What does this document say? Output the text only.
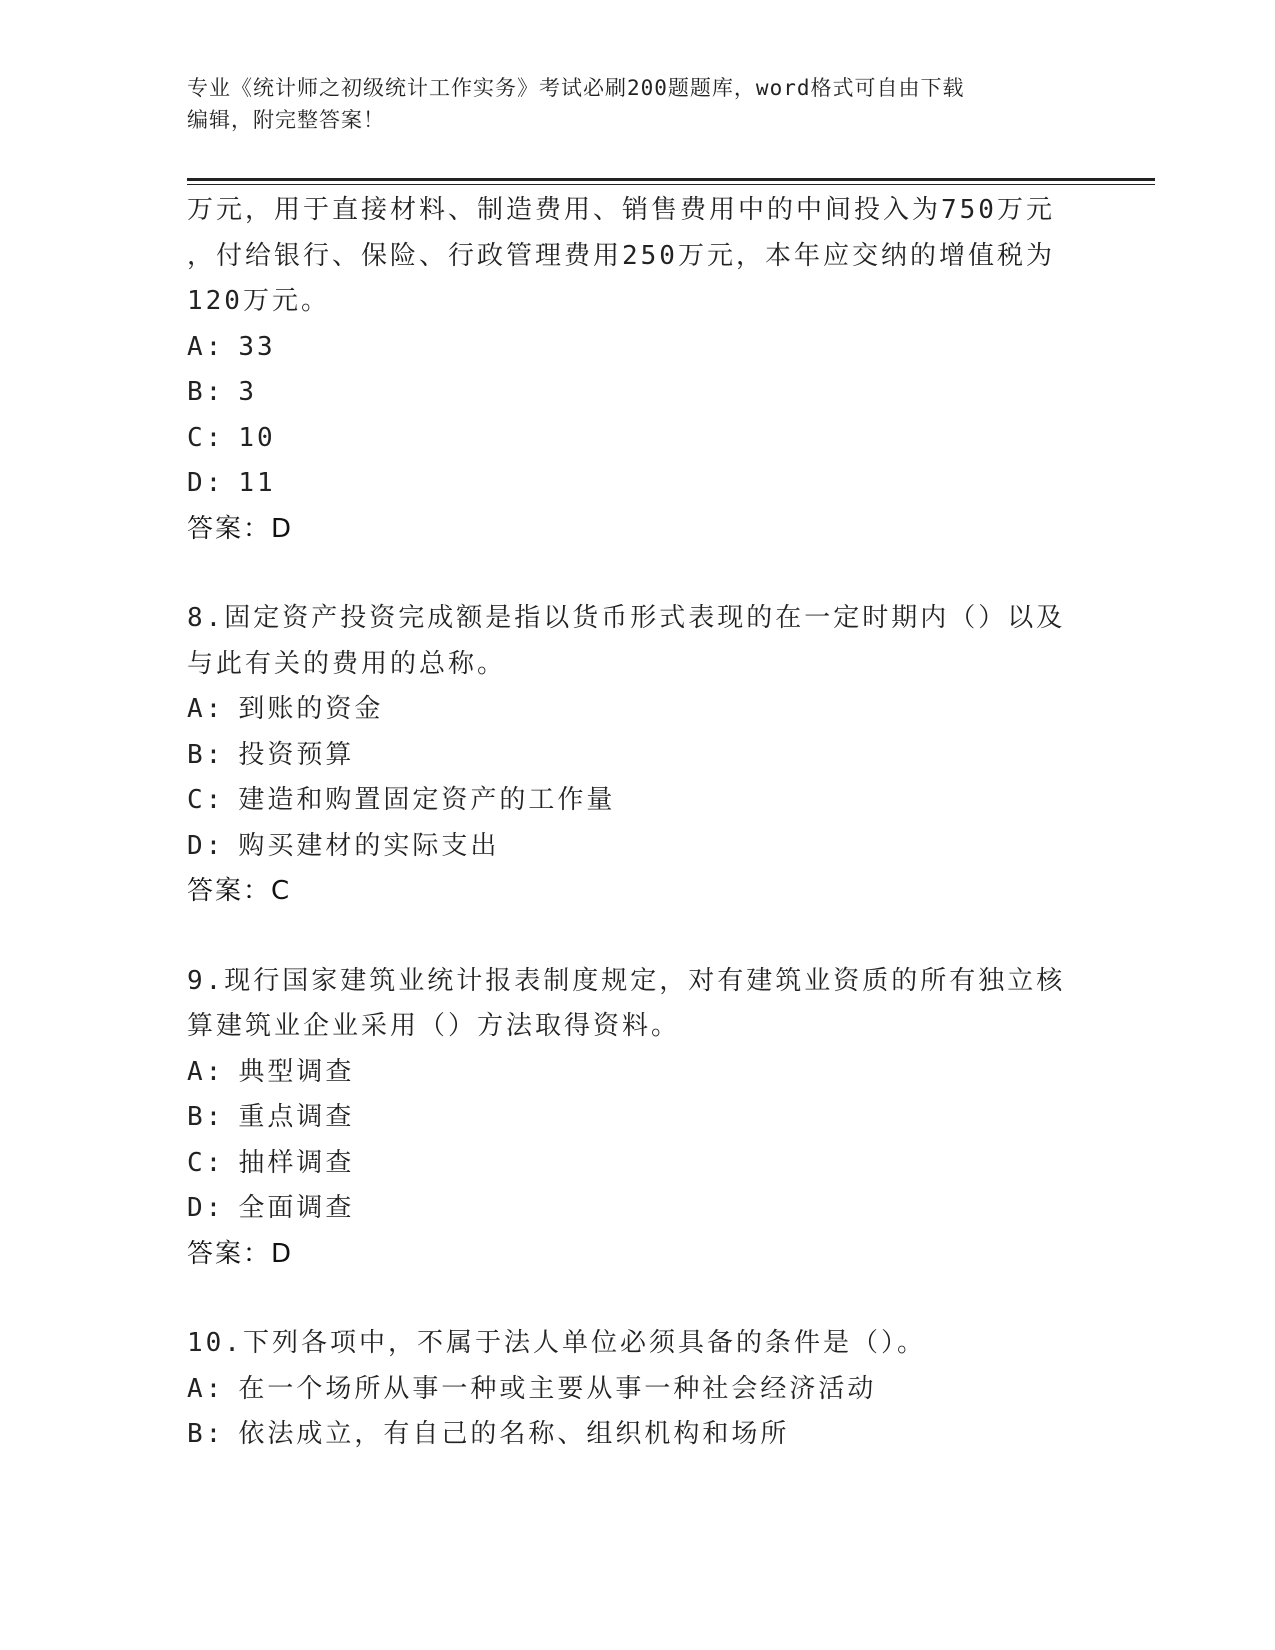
专业《统计师之初级统计工作实务》考试必刷200题题库，word格式可自由下载
编辑，附完整答案！
万元，用于直接材料、制造费用、销售费用中的中间投入为750万元
，付给银行、保险、行政管理费用250万元，本年应交纳的增值税为
120万元。
A: 33
B: 3
C: 10
D: 11
答案：D
8.固定资产投资完成额是指以货币形式表现的在一定时期内（）以及
与此有关的费用的总称。
A: 到账的资金
B: 投资预算
C: 建造和购置固定资产的工作量
D: 购买建材的实际支出
答案：C
9.现行国家建筑业统计报表制度规定，对有建筑业资质的所有独立核
算建筑业企业采用（）方法取得资料。
A: 典型调查
B: 重点调查
C: 抽样调查
D: 全面调查
答案：D
10.下列各项中，不属于法人单位必须具备的条件是（）。
A: 在一个场所从事一种或主要从事一种社会经济活动
B: 依法成立，有自己的名称、组织机构和场所
